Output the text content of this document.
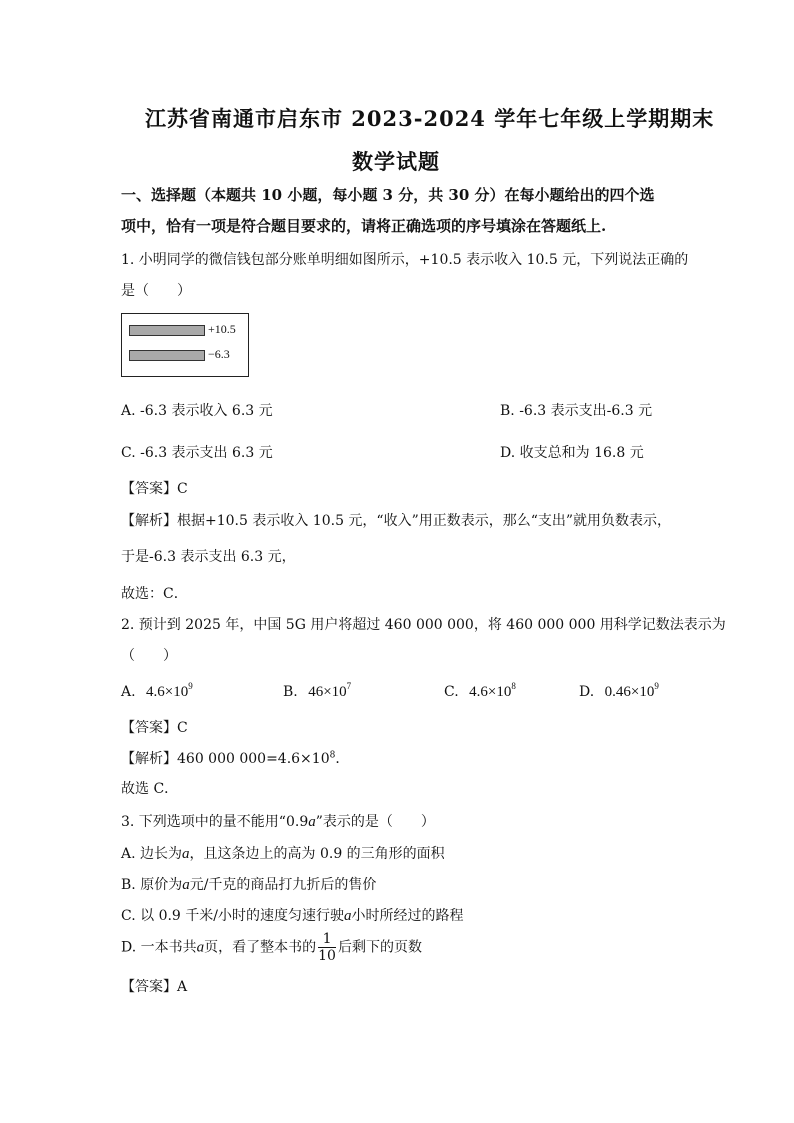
江苏省南通市启东市 2023-2024 学年七年级上学期期末
数学试题
一、选择题（本题共 10 小题，每小题 3 分，共 30 分）在每小题给出的四个选
项中，恰有一项是符合题目要求的，请将正确选项的序号填涂在答题纸上.
1. 小明同学的微信钱包部分账单明细如图所示，+10.5 表示收入 10.5 元，下列说法正确的
是（　　）
+10.5
−6.3
A. -6.3 表示收入 6.3 元	B. -6.3 表示支出-6.3 元
C. -6.3 表示支出 6.3 元	D. 收支总和为 16.8 元
【答案】C
【解析】根据+10.5 表示收入 10.5 元，“收入”用正数表示，那么“支出”就用负数表示，
于是-6.3 表示支出 6.3 元，
故选：C．
2. 预计到 2025 年，中国 5G 用户将超过 460 000 000，将 460 000 000 用科学记数法表示为
（　　）
A. $4.6\times 10^9$	B. $46\times 10^7$	C. $4.6\times 10^8$	D. $0.46\times 10^9$
【答案】C
【解析】460 000 $000=4.6\times 10^8$．
故选 C．
3. 下列选项中的量不能用“0.9a”表示的是（　　）
A. 边长为a，且这条边上的高为 0.9 的三角形的面积
B. 原价为a元/千克的商品打九折后的售价
C. 以 0.9 千米/小时的速度匀速行驶a小时所经过的路程
D. 一本书共a页，看了整本书的 $\frac{1}{10}$ 后剩下的页数
【答案】A
